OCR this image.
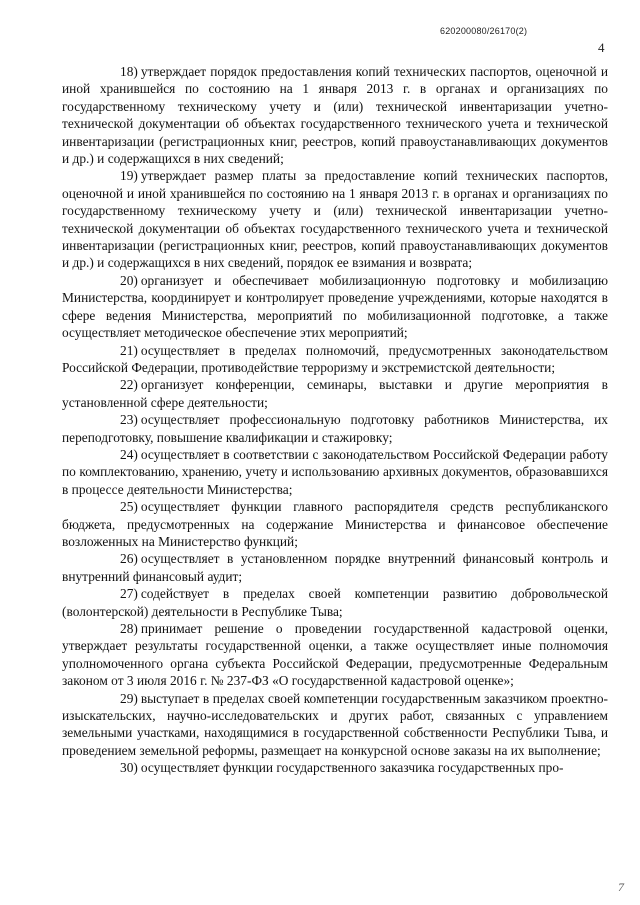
620200080/26170(2)
4

18) утверждает порядок предоставления копий технических паспортов, оценочной и иной хранившейся по состоянию на 1 января 2013 г. в органах и организациях по государственному техническому учету и (или) технической инвентаризации учетно-технической документации об объектах государственного технического учета и технической инвентаризации (регистрационных книг, реестров, копий правоустанавливающих документов и др.) и содержащихся в них сведений;

19) утверждает размер платы за предоставление копий технических паспортов, оценочной и иной хранившейся по состоянию на 1 января 2013 г. в органах и организациях по государственному техническому учету и (или) технической инвентаризации учетно-технической документации об объектах государственного технического учета и технической инвентаризации (регистрационных книг, реестров, копий правоустанавливающих документов и др.) и содержащихся в них сведений, порядок ее взимания и возврата;

20) организует и обеспечивает мобилизационную подготовку и мобилизацию Министерства, координирует и контролирует проведение учреждениями, которые находятся в сфере ведения Министерства, мероприятий по мобилизационной подготовке, а также осуществляет методическое обеспечение этих мероприятий;

21) осуществляет в пределах полномочий, предусмотренных законодательством Российской Федерации, противодействие терроризму и экстремистской деятельности;

22) организует конференции, семинары, выставки и другие мероприятия в установленной сфере деятельности;

23) осуществляет профессиональную подготовку работников Министерства, их переподготовку, повышение квалификации и стажировку;

24) осуществляет в соответствии с законодательством Российской Федерации работу по комплектованию, хранению, учету и использованию архивных документов, образовавшихся в процессе деятельности Министерства;

25) осуществляет функции главного распорядителя средств республиканского бюджета, предусмотренных на содержание Министерства и финансовое обеспечение возложенных на Министерство функций;

26) осуществляет в установленном порядке внутренний финансовый контроль и внутренний финансовый аудит;

27) содействует в пределах своей компетенции развитию добровольческой (волонтерской) деятельности в Республике Тыва;

28) принимает решение о проведении государственной кадастровой оценки, утверждает результаты государственной оценки, а также осуществляет иные полномочия уполномоченного органа субъекта Российской Федерации, предусмотренные Федеральным законом от 3 июля 2016 г. № 237-ФЗ «О государственной кадастровой оценке»;

29) выступает в пределах своей компетенции государственным заказчиком проектно-изыскательских, научно-исследовательских и других работ, связанных с управлением земельными участками, находящимися в государственной собственности Республики Тыва, и проведением земельной реформы, размещает на конкурсной основе заказы на их выполнение;

30) осуществляет функции государственного заказчика государственных про-

7
